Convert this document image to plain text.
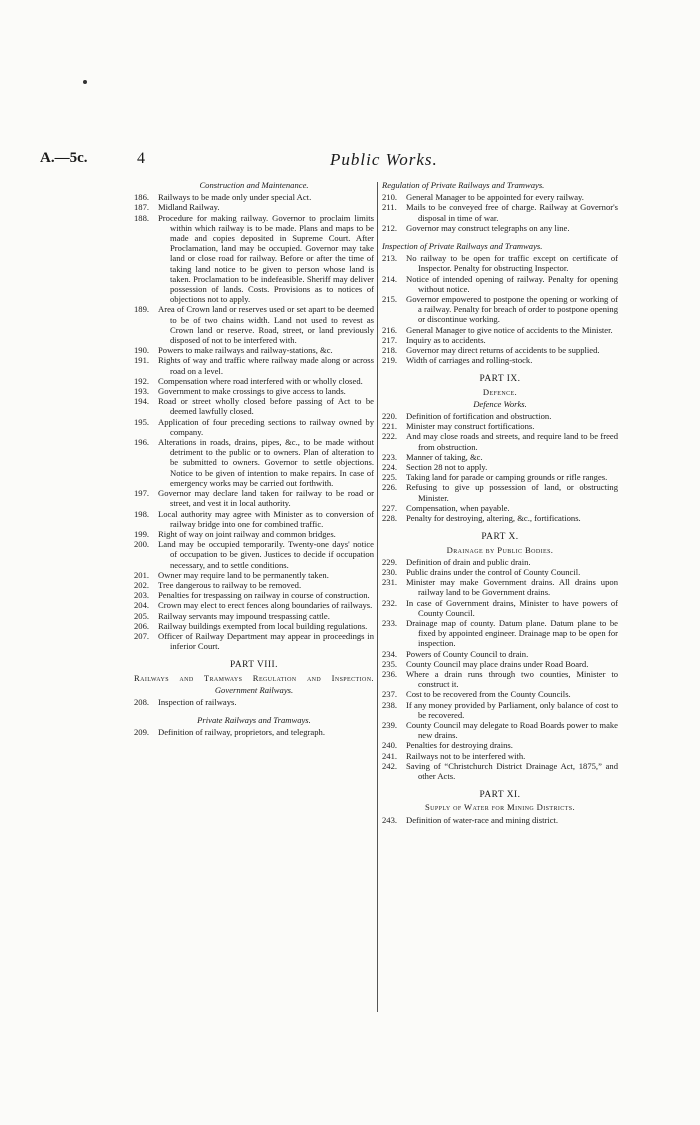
A.—5c.	4	Public Works.
Construction and Maintenance.
186.	Railways to be made only under special Act.
187.	Midland Railway.
188.	Procedure for making railway. Governor to proclaim limits within which railway is to be made. Plans and maps to be made and copies deposited in Supreme Court. After Proclamation, land may be occupied. Governor may take land or close road for railway. Before or after the time of taking land notice to be given to person whose land is taken. Proclamation to be indefeasible. Sheriff may deliver possession of lands. Costs. Provisions as to notices of objections not to apply.
189.	Area of Crown land or reserves used or set apart to be deemed to be of two chains width. Land not used to revest as Crown land or reserve. Road, street, or land previously disposed of not to be interfered with.
190.	Powers to make railways and railway-stations, &c.
191.	Rights of way and traffic where railway made along or across road on a level.
192.	Compensation where road interfered with or wholly closed.
193.	Government to make crossings to give access to lands.
194.	Road or street wholly closed before passing of Act to be deemed lawfully closed.
195.	Application of four preceding sections to railway owned by company.
196.	Alterations in roads, drains, pipes, &c., to be made without detriment to the public or to owners. Plan of alteration to be submitted to owners. Governor to settle objections. Notice to be given of intention to make repairs. In case of emergency works may be carried out forthwith.
197.	Governor may declare land taken for railway to be road or street, and vest it in local authority.
198.	Local authority may agree with Minister as to conversion of railway bridge into one for combined traffic.
199.	Right of way on joint railway and common bridges.
200.	Land may be occupied temporarily. Twenty-one days' notice of occupation to be given. Justices to decide if occupation necessary, and to settle conditions.
201.	Owner may require land to be permanently taken.
202.	Tree dangerous to railway to be removed.
203.	Penalties for trespassing on railway in course of construction.
204.	Crown may elect to erect fences along boundaries of railways.
205.	Railway servants may impound trespassing cattle.
206.	Railway buildings exempted from local building regulations.
207.	Officer of Railway Department may appear in proceedings in inferior Court.
PART VIII.
Railways and Tramways Regulation and Inspection.
Government Railways.
208.	Inspection of railways.
Private Railways and Tramways.
209.	Definition of railway, proprietors, and telegraph.
Regulation of Private Railways and Tramways.
210.	General Manager to be appointed for every railway.
211.	Mails to be conveyed free of charge. Railway at Governor's disposal in time of war.
212.	Governor may construct telegraphs on any line.
Inspection of Private Railways and Tramways.
213.	No railway to be open for traffic except on certificate of Inspector. Penalty for obstructing Inspector.
214.	Notice of intended opening of railway. Penalty for opening without notice.
215.	Governor empowered to postpone the opening or working of a railway. Penalty for breach of order to postpone opening or discontinue working.
216.	General Manager to give notice of accidents to the Minister.
217.	Inquiry as to accidents.
218.	Governor may direct returns of accidents to be supplied.
219.	Width of carriages and rolling-stock.
PART IX.
Defence.
Defence Works.
220.	Definition of fortification and obstruction.
221.	Minister may construct fortifications.
222.	And may close roads and streets, and require land to be freed from obstruction.
223.	Manner of taking, &c.
224.	Section 28 not to apply.
225.	Taking land for parade or camping grounds or rifle ranges.
226.	Refusing to give up possession of land, or obstructing Minister.
227.	Compensation, when payable.
228.	Penalty for destroying, altering, &c., fortifications.
PART X.
Drainage by Public Bodies.
229.	Definition of drain and public drain.
230.	Public drains under the control of County Council.
231.	Minister may make Government drains. All drains upon railway land to be Government drains.
232.	In case of Government drains, Minister to have powers of County Council.
233.	Drainage map of county. Datum plane. Datum plane to be fixed by appointed engineer. Drainage map to be open for inspection.
234.	Powers of County Council to drain.
235.	County Council may place drains under Road Board.
236.	Where a drain runs through two counties, Minister to construct it.
237.	Cost to be recovered from the County Councils.
238.	If any money provided by Parliament, only balance of cost to be recovered.
239.	County Council may delegate to Road Boards power to make new drains.
240.	Penalties for destroying drains.
241.	Railways not to be interfered with.
242.	Saving of “Christchurch District Drainage Act, 1875,” and other Acts.
PART XI.
Supply of Water for Mining Districts.
243.	Definition of water-race and mining district.
